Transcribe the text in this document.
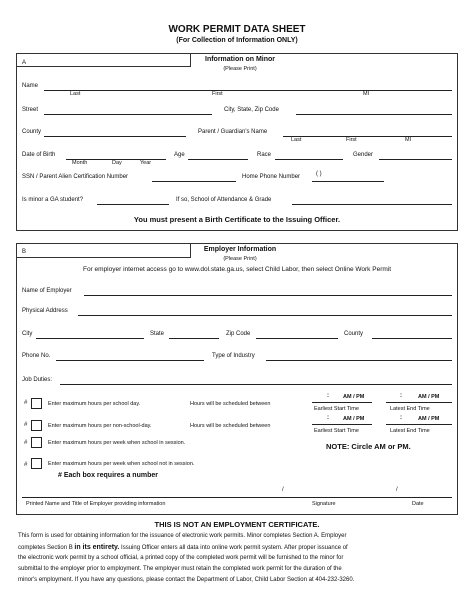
WORK PERMIT DATA SHEET
(For Collection of Information ONLY)
A	Information on Minor
(Please Print)
Name
Last	First	MI
Street	City, State, Zip Code
County	Parent / Guardian's Name
Last	First	MI
Date of Birth
Month	Day	Year
Age	Race	Gender
SSN / Parent Alien Certification Number	Home Phone Number	( )
Is minor a GA student?	If so, School of Attendance & Grade
You must present a Birth Certificate to the Issuing Officer.
B	Employer Information
(Please Print)
For employer internet access go to www.dol.state.ga.us, select Child Labor, then select Online Work Permit
Name of Employer
Physical Address
City	State	Zip Code	County
Phone No.	Type of Industry
Job Duties:
#	Enter maximum hours per school day.	Hours will be scheduled between
:	AM / PM	:	AM / PM
Earliest Start Time	Latest End Time
#	Enter maximum hours per non-school-day.	Hours will be scheduled between
:	AM / PM	:	AM / PM
Earliest Start Time	Latest End Time
#	Enter maximum hours per week when school in session.	NOTE: Circle AM or PM.
#	Enter maximum hours per week when school not in session.
# Each box requires a number
/	/
Printed Name and Title of Employer providing information	Signature	Date
THIS IS NOT AN EMPLOYMENT CERTIFICATE.
This form is used for obtaining information for the issuance of electronic work permits. Minor completes Section A. Employer
completes Section B in its entirety. Issuing Officer enters all data into online work permit system. After proper issuance of
the electronic work permit by a school official, a printed copy of the completed work permit will be furnished to the minor for
submittal to the employer prior to employment. The employer must retain the completed work permit for the duration of the
minor's employment. If you have any questions, please contact the Department of Labor, Child Labor Section at 404-232-3260.
